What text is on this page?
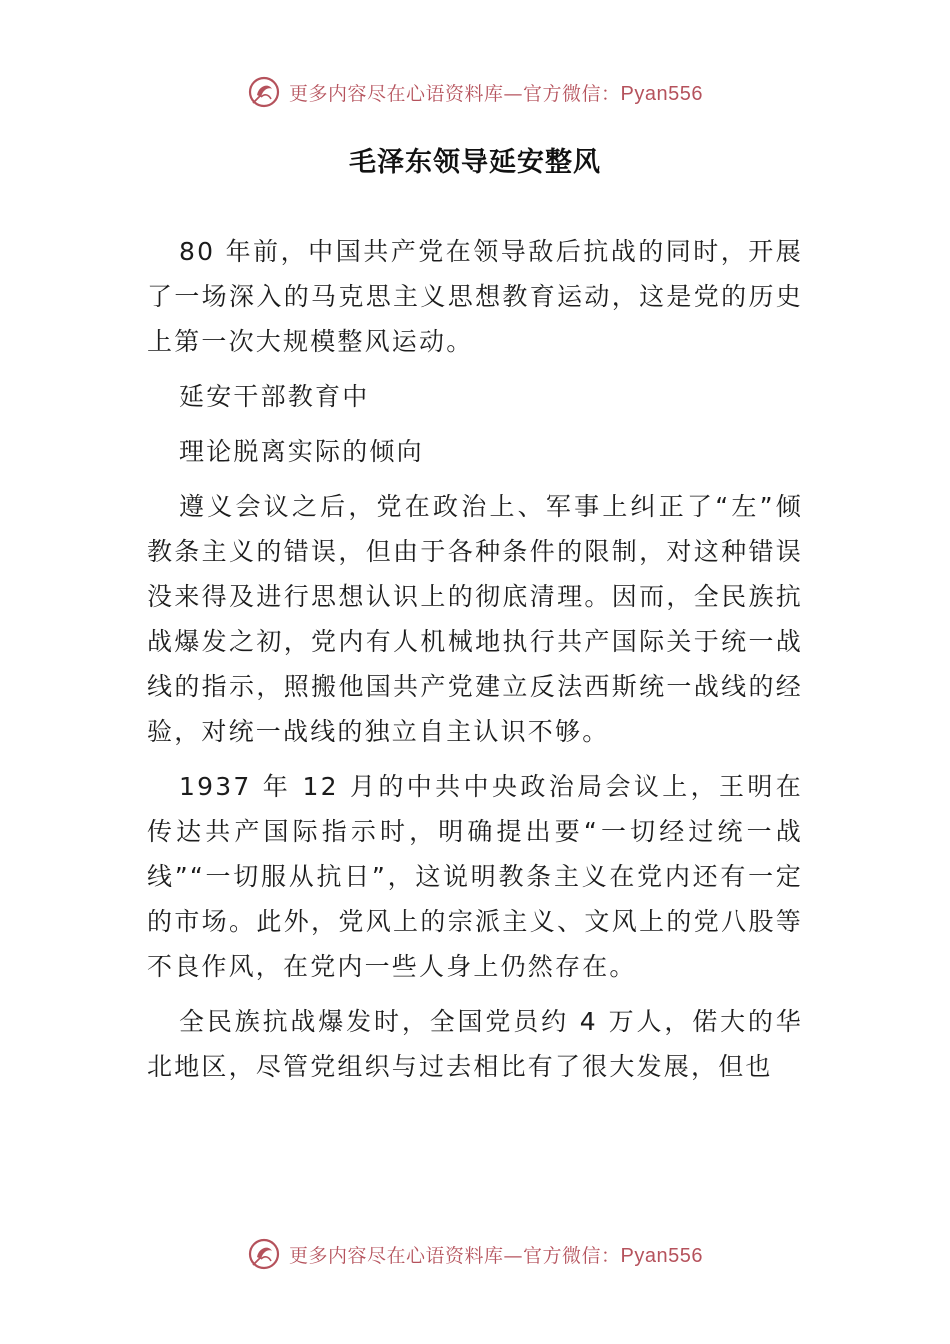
更多内容尽在心语资料库—官方微信：Pyan556
毛泽东领导延安整风

80 年前，中国共产党在领导敌后抗战的同时，开展了一场深入的马克思主义思想教育运动，这是党的历史上第一次大规模整风运动。

延安干部教育中

理论脱离实际的倾向

遵义会议之后，党在政治上、军事上纠正了“左”倾教条主义的错误，但由于各种条件的限制，对这种错误没来得及进行思想认识上的彻底清理。因而，全民族抗战爆发之初，党内有人机械地执行共产国际关于统一战线的指示，照搬他国共产党建立反法西斯统一战线的经验，对统一战线的独立自主认识不够。

1937 年 12 月的中共中央政治局会议上，王明在传达共产国际指示时，明确提出要“一切经过统一战线”“一切服从抗日”，这说明教条主义在党内还有一定的市场。此外，党风上的宗派主义、文风上的党八股等不良作风，在党内一些人身上仍然存在。

全民族抗战爆发时，全国党员约 4 万人，偌大的华北地区，尽管党组织与过去相比有了很大发展，但也

更多内容尽在心语资料库—官方微信：Pyan556
